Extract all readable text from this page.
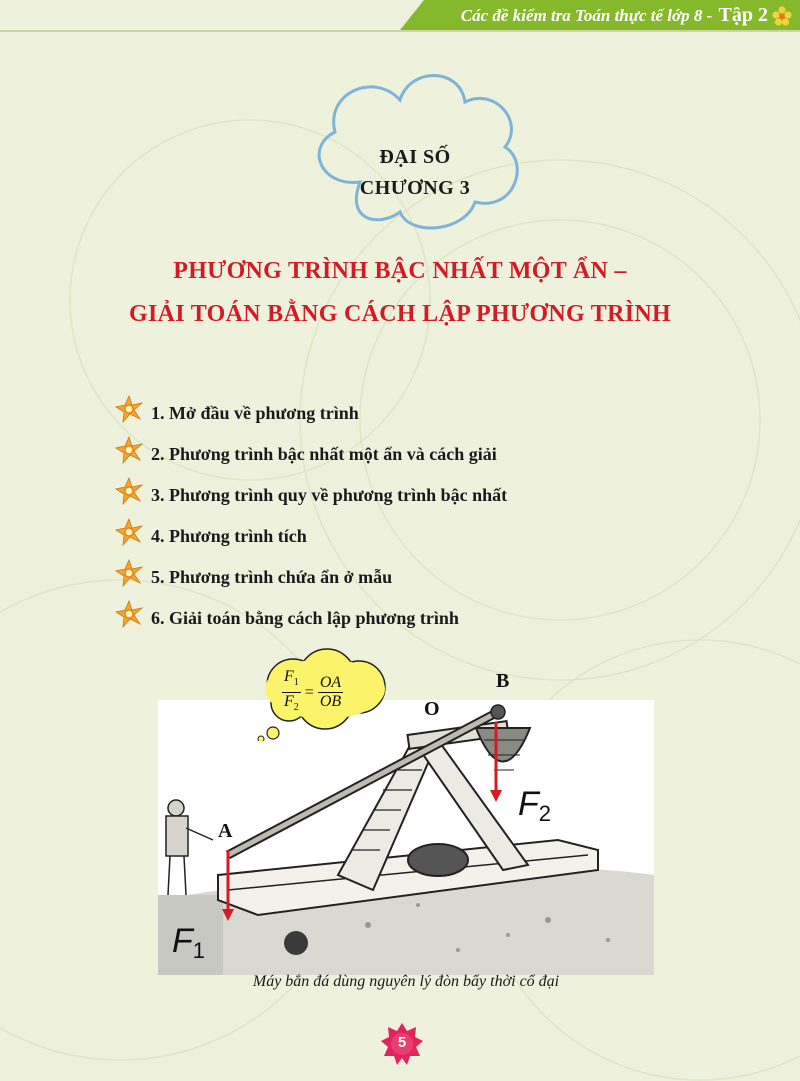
Các đề kiểm tra Toán thực tế lớp 8 - Tập 2
ĐẠI SỐ
CHƯƠNG 3
PHƯƠNG TRÌNH BẬC NHẤT MỘT ẨN –
GIẢI TOÁN BẰNG CÁCH LẬP PHƯƠNG TRÌNH
1. Mở đầu về phương trình
2. Phương trình bậc nhất một ẩn và cách giải
3. Phương trình quy về phương trình bậc nhất
4. Phương trình tích
5. Phương trình chứa ẩn ở mẫu
6. Giải toán bằng cách lập phương trình
$\frac{F_1}{F_2} = \frac{OA}{OB}$	B
O
A
$F_2$
$F_1$
Máy bắn đá dùng nguyên lý đòn bẩy thời cổ đại
5
